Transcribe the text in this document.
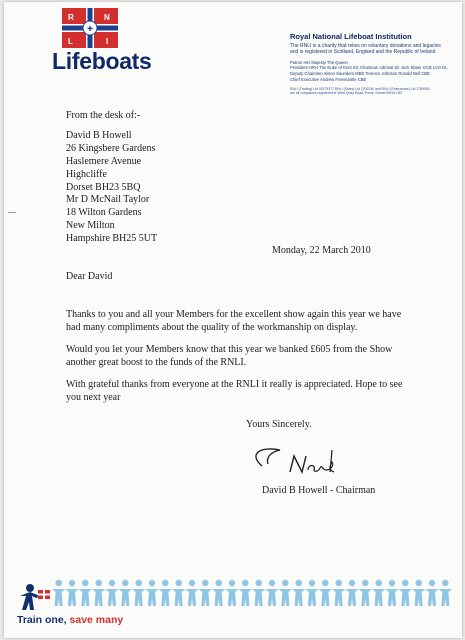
✚
R	N
L	I
Lifeboats
Royal National Lifeboat Institution
The RNLI is a charity that relies on voluntary donations and legacies
and is registered in Scotland, England and the Republic of Ireland
Patron Her Majesty The Queen
President HRH The Duke of Kent KG Chairman Admiral Sir Jock Slater GCB LVO DL
Deputy Chairmen Alison Saunders MBE Terence Johnson Ronald Nell CBE
Chief Executive Andrew Freemantle CBE
RNLI (Trading) Ltd 00175377 RNLI (Sales) Ltd 2202240 and RNLI (Enterprises) Ltd 1789090
are all companies registered at West Quay Road, Poole, Dorset BH15 1HZ
From the desk of:-
David B Howell
26 Kingsbere Gardens
Haslemere Avenue
Highcliffe
Dorset BH23 5BQ
Mr D McNail Taylor
18 Wilton Gardens
New Milton
Hampshire BH25 5UT
Monday, 22 March 2010
Dear David
Thanks to you and all your Members for the excellent show again this year we have
had many compliments about the quality of the workmanship on display.
Would you let your Members know that this year we banked £605 from the Show
another great boost to the funds of the RNLI.
With grateful thanks from everyone at the RNLI it really is appreciated. Hope to see
you next year
Yours Sincerely.
David B Howell - Chairman
Train one, save many
